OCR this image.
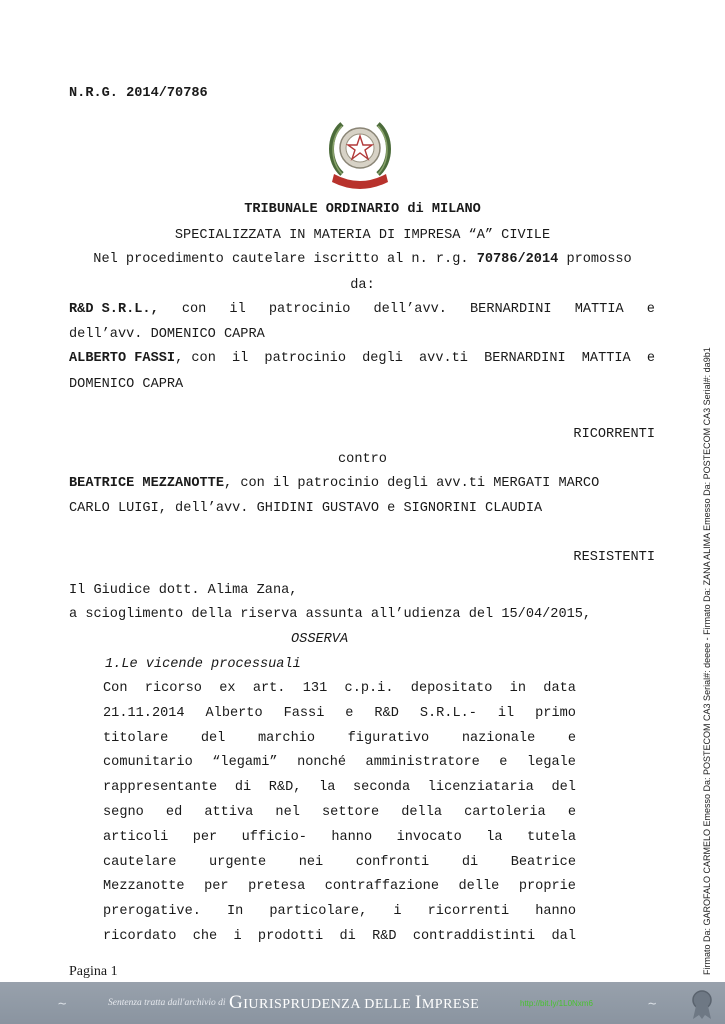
N.R.G. 2014/70786
TRIBUNALE ORDINARIO di MILANO
SPECIALIZZATA IN MATERIA DI IMPRESA “A” CIVILE
Nel procedimento cautelare iscritto al n. r.g. 70786/2014 promosso
da:
R&D S.R.L., con il patrocinio dell’avv. BERNARDINI MATTIA e
dell’avv. DOMENICO CAPRA
ALBERTO FASSI, con il patrocinio degli avv.ti BERNARDINI MATTIA e
DOMENICO CAPRA
RICORRENTI
contro
BEATRICE MEZZANOTTE, con il patrocinio degli avv.ti MERGATI MARCO
CARLO LUIGI, dell’avv. GHIDINI GUSTAVO e SIGNORINI CLAUDIA
RESISTENTI
Il Giudice dott. Alima Zana,
a scioglimento della riserva assunta all’udienza del 15/04/2015,
OSSERVA
1.Le vicende processuali
Con ricorso ex art. 131 c.p.i. depositato in data
21.11.2014 Alberto Fassi e R&D S.R.L.- il primo
titolare del marchio figurativo nazionale e
comunitario “legami” nonché amministratore e legale
rappresentante di R&D, la seconda licenziataria del
segno ed attiva nel settore della cartoleria e
articoli per ufficio- hanno invocato la tutela
cautelare urgente nei confronti di Beatrice
Mezzanotte per pretesa contraffazione delle proprie
prerogative. In particolare, i ricorrenti hanno
ricordato che i prodotti di R&D contraddistinti dal
Pagina 1	Firmato Da: GAROFALO CARMELO Emesso Da: POSTECOM CA3 Serial#: deeee - Firmato Da: ZANA ALIMA Emesso Da: POSTECOM CA3 Serial#: da9b1
∼	Sentenza tratta dall'archivio di GIURISPRUDENZA DELLE IMPRESE	http://bit.ly/1L0Nxm6	∼
